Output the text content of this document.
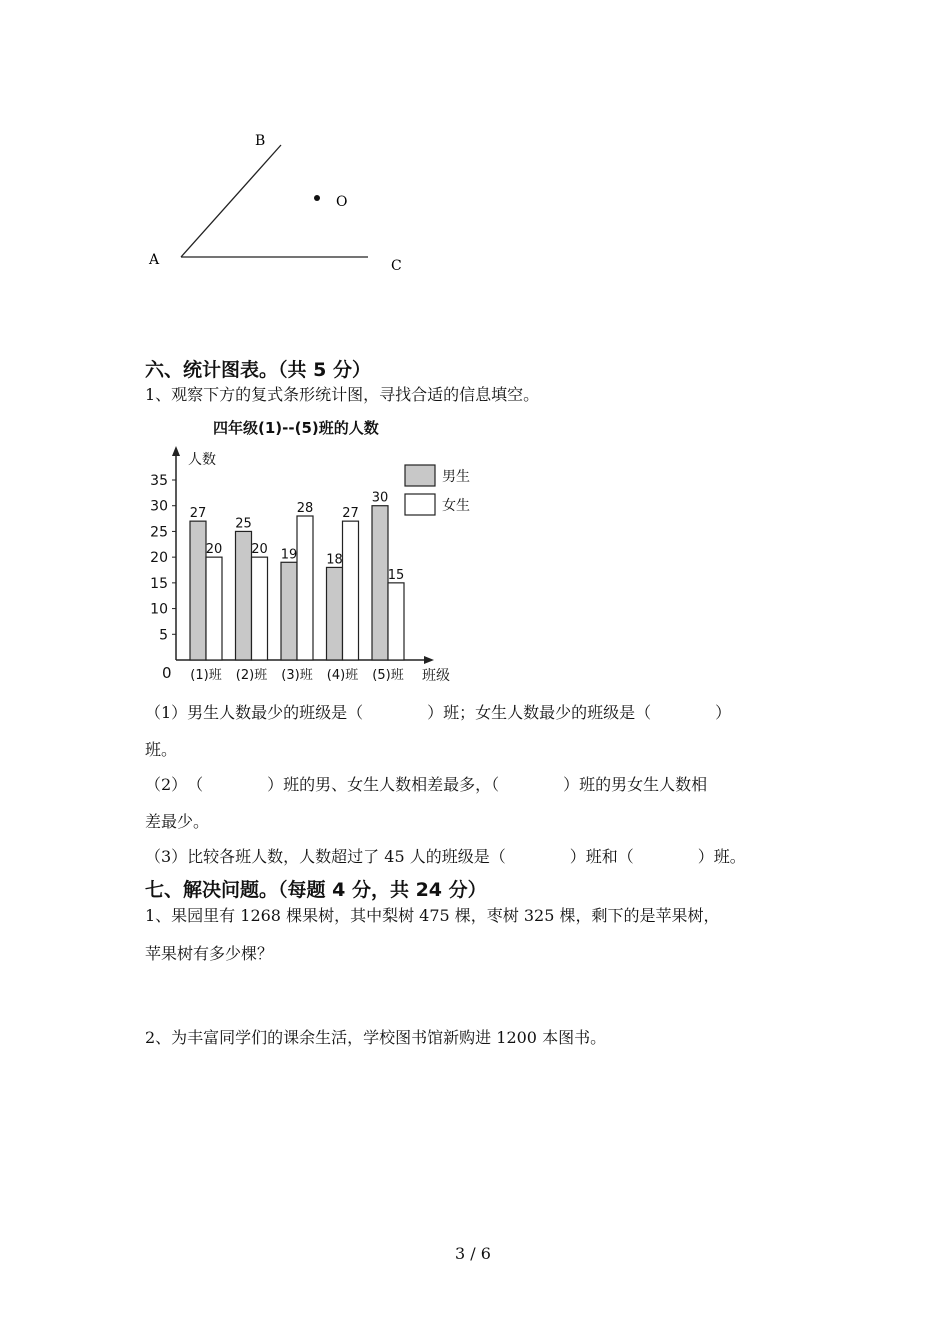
B
O
A	C
六、统计图表。（共 5 分）
1、观察下方的复式条形统计图，寻找合适的信息填空。
四年级(1)--(5)班的人数
人数
班级
0
5
10
15
20
25
30
35
27
20
(1)班
25
20
(2)班
19
28
(3)班
18
27
(4)班
30
15
(5)班
男生
女生
（1）男生人数最少的班级是（　　　　）班；女生人数最少的班级是（　　　　）
班。
（2）　（　　　　）班的男、女生人数相差最多，（　　　　）班的男女生人数相
差最少。
（3）比较各班人数，人数超过了 45 人的班级是（　　　　）班和（　　　　）班。
七、解决问题。（每题 4 分，共 24 分）
1、果园里有 1268 棵果树，其中梨树 475 棵，枣树 325 棵，剩下的是苹果树，
苹果树有多少棵？
2、为丰富同学们的课余生活，学校图书馆新购进 1200 本图书。
3 / 6
